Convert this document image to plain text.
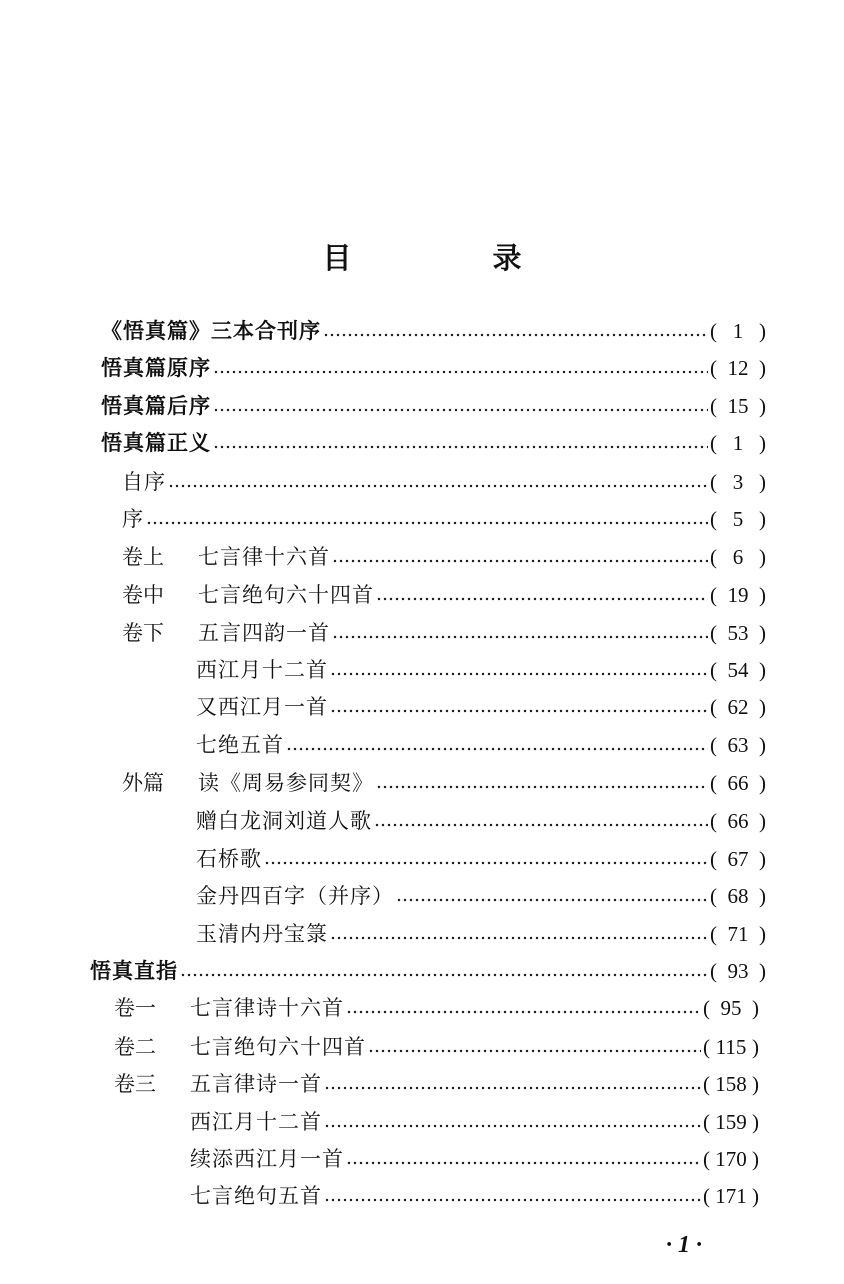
目　录
《悟真篇》三本合刊序	( 1 )
悟真篇原序	( 12 )
悟真篇后序	( 15 )
悟真篇正义	( 1 )
自序	( 3 )
序	( 5 )
卷上	七言律十六首	( 6 )
卷中	七言绝句六十四首	( 19 )
卷下	五言四韵一首	( 53 )
西江月十二首	( 54 )
又西江月一首	( 62 )
七绝五首	( 63 )
外篇	读《周易参同契》	( 66 )
赠白龙洞刘道人歌	( 66 )
石桥歌	( 67 )
金丹四百字（并序）	( 68 )
玉清内丹宝箓	( 71 )
悟真直指	( 93 )
卷一	七言律诗十六首	( 95 )
卷二	七言绝句六十四首	( 115 )
卷三	五言律诗一首	( 158 )
西江月十二首	( 159 )
续添西江月一首	( 170 )
七言绝句五首	( 171 )
· 1 ·
